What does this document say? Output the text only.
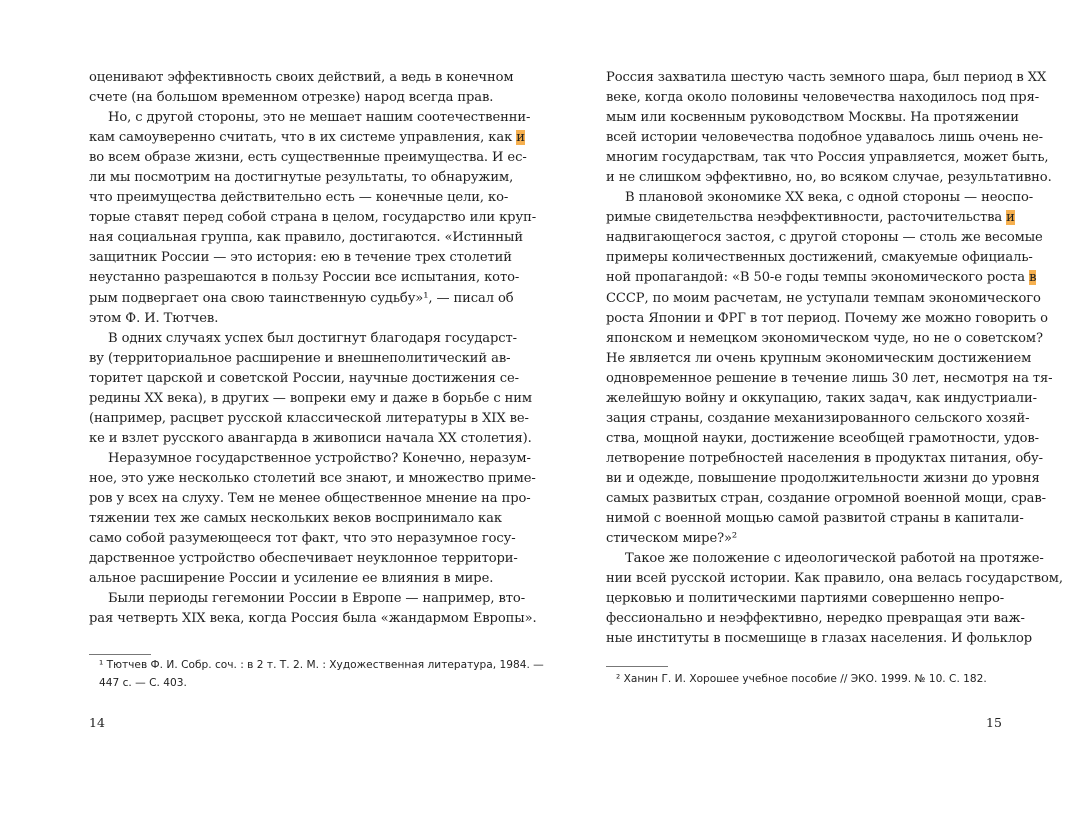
оценивают эффективность своих действий, а ведь в конечном
счете (на большом временном отрезке) народ всегда прав.
Но, с другой стороны, это не мешает нашим соотечественни-
кам самоуверенно считать, что в их системе управления, как и
во всем образе жизни, есть существенные преимущества. И ес-
ли мы посмотрим на достигнутые результаты, то обнаружим,
что преимущества действительно есть — конечные цели, ко-
торые ставят перед собой страна в целом, государство или круп-
ная социальная группа, как правило, достигаются. «Истинный
защитник России — это история: ею в течение трех столетий
неустанно разрешаются в пользу России все испытания, кото-
рым подвергает она свою таинственную судьбу»¹, — писал об
этом Ф. И. Тютчев.
В одних случаях успех был достигнут благодаря государст-
ву (территориальное расширение и внешнеполитический ав-
торитет царской и советской России, научные достижения се-
редины XX века), в других — вопреки ему и даже в борьбе с ним
(например, расцвет русской классической литературы в XIX ве-
ке и взлет русского авангарда в живописи начала XX столетия).
Неразумное государственное устройство? Конечно, неразум-
ное, это уже несколько столетий все знают, и множество приме-
ров у всех на слуху. Тем не менее общественное мнение на про-
тяжении тех же самых нескольких веков воспринимало как
само собой разумеющееся тот факт, что это неразумное госу-
дарственное устройство обеспечивает неуклонное территори-
альное расширение России и усиление ее влияния в мире.
Были периоды гегемонии России в Европе — например, вто-
рая четверть XIX века, когда Россия была «жандармом Европы».
¹ Тютчев Ф. И. Собр. соч. : в 2 т. Т. 2. М. : Художественная литература, 1984. —
447 с. — С. 403.
14
Россия захватила шестую часть земного шара, был период в XX
веке, когда около половины человечества находилось под пря-
мым или косвенным руководством Москвы. На протяжении
всей истории человечества подобное удавалось лишь очень не-
многим государствам, так что Россия управляется, может быть,
и не слишком эффективно, но, во всяком случае, результативно.
В плановой экономике XX века, с одной стороны — неоспо-
римые свидетельства неэффективности, расточительства и
надвигающегося застоя, с другой стороны — столь же весомые
примеры количественных достижений, смакуемые официаль-
ной пропагандой: «В 50-е годы темпы экономического роста в
СССР, по моим расчетам, не уступали темпам экономического
роста Японии и ФРГ в тот период. Почему же можно говорить о
японском и немецком экономическом чуде, но не о советском?
Не является ли очень крупным экономическим достижением
одновременное решение в течение лишь 30 лет, несмотря на тя-
желейшую войну и оккупацию, таких задач, как индустриали-
зация страны, создание механизированного сельского хозяй-
ства, мощной науки, достижение всеобщей грамотности, удов-
летворение потребностей населения в продуктах питания, обу-
ви и одежде, повышение продолжительности жизни до уровня
самых развитых стран, создание огромной военной мощи, срав-
нимой с военной мощью самой развитой страны в капитали-
стическом мире?»²
Такое же положение с идеологической работой на протяже-
нии всей русской истории. Как правило, она велась государством,
церковью и политическими партиями совершенно непро-
фессионально и неэффективно, нередко превращая эти важ-
ные институты в посмешище в глазах населения. И фольклор
² Ханин Г. И. Хорошее учебное пособие // ЭКО. 1999. № 10. С. 182.
15
